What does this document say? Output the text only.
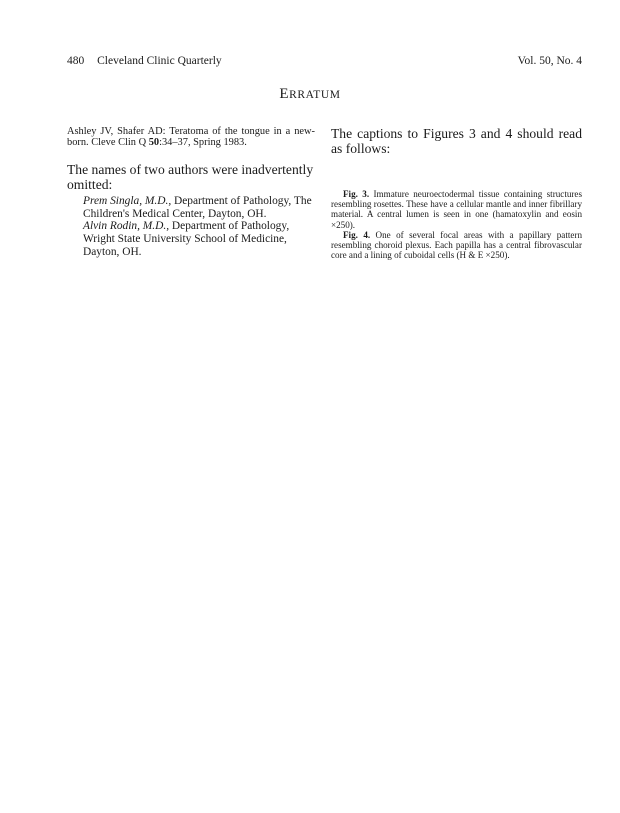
480 Cleveland Clinic Quarterly	Vol. 50, No. 4
ERRATUM

Ashley JV, Shafer AD: Teratoma of the tongue in a new-born. Cleve Clin Q 50:34–37, Spring 1983.

The names of two authors were inadvertently omitted:

Prem Singla, M.D., Department of Pathology, The Children's Medical Center, Dayton, OH.

Alvin Rodin, M.D., Department of Pathology, Wright State University School of Medicine, Dayton, OH.

The captions to Figures 3 and 4 should read as follows:

Fig. 3. Immature neuroectodermal tissue containing structures resembling rosettes. These have a cellular mantle and inner fibrillary material. A central lumen is seen in one (hamatoxylin and eosin ×250).

Fig. 4. One of several focal areas with a papillary pattern resembling choroid plexus. Each papilla has a central fibrovascular core and a lining of cuboidal cells (H & E ×250).
